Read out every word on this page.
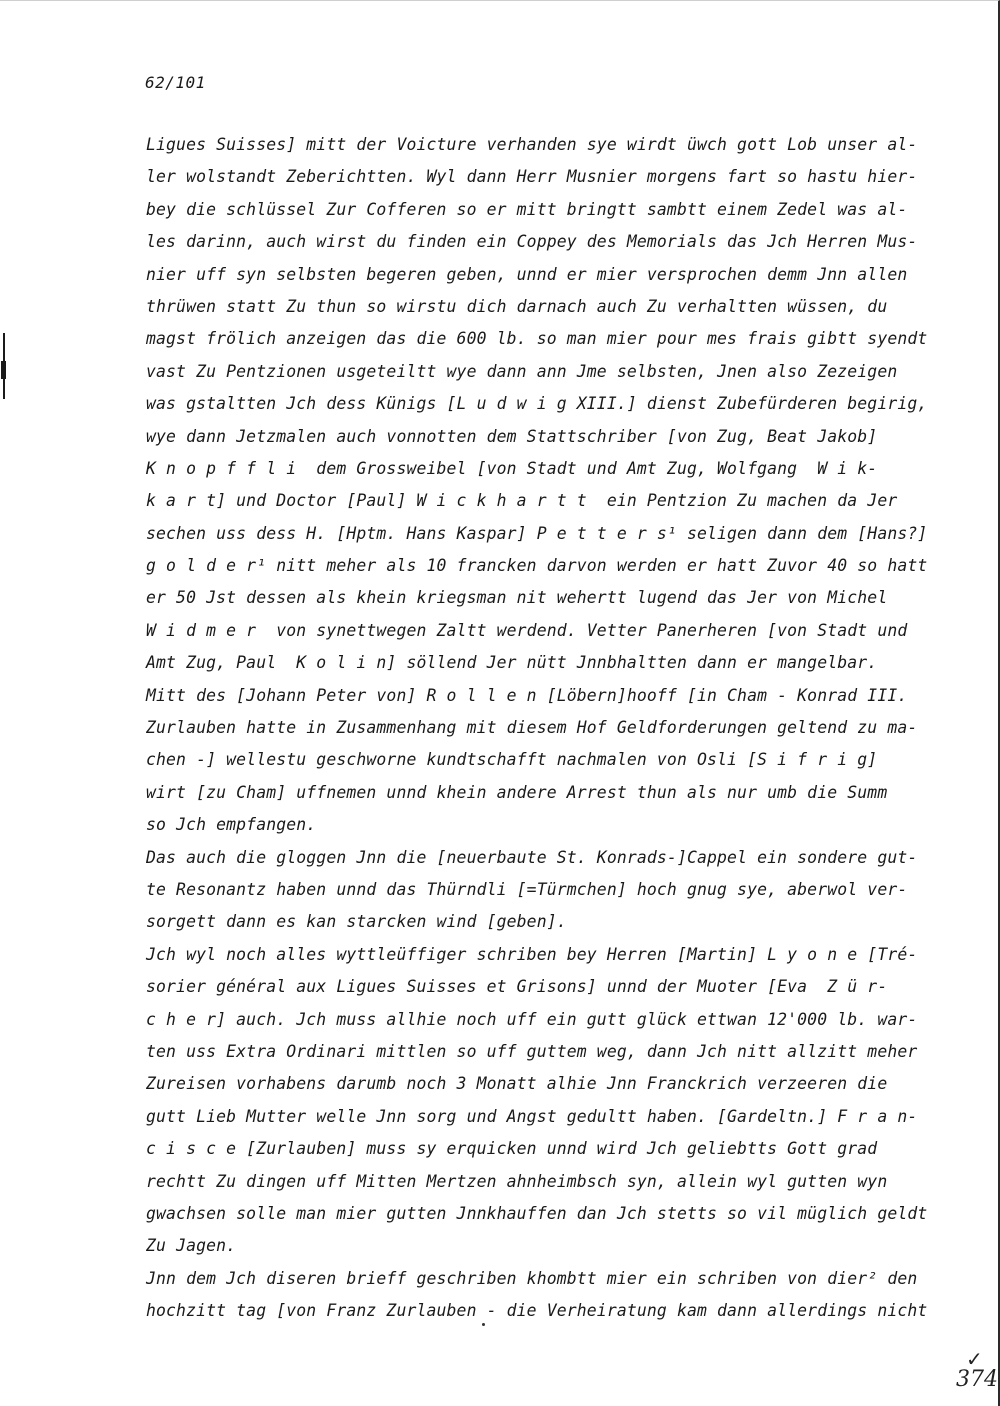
62/101
Ligues Suisses] mitt der Voicture verhanden sye wirdt üwch gott Lob unser al-
ler wolstandt Zeberichtten. Wyl dann Herr Musnier morgens fart so hastu hier-
bey die schlüssel Zur Cofferen so er mitt bringtt sambtt einem Zedel was al-
les darinn, auch wirst du finden ein Coppey des Memorials das Jch Herren Mus-
nier uff syn selbsten begeren geben, unnd er mier versprochen demm Jnn allen
thrüwen statt Zu thun so wirstu dich darnach auch Zu verhaltten wüssen, du
magst frölich anzeigen das die 600 lb. so man mier pour mes frais gibtt syendt
vast Zu Pentzionen usgeteiltt wye dann ann Jme selbsten, Jnen also Zezeigen
was gstaltten Jch dess Künigs [L u d w i g XIII.] dienst Zubefürderen begirig,
wye dann Jetzmalen auch vonnotten dem Stattschriber [von Zug, Beat Jakob]
K n o p f f l i  dem Grossweibel [von Stadt und Amt Zug, Wolfgang  W i k-
k a r t] und Doctor [Paul] W i c k h a r t t  ein Pentzion Zu machen da Jer
sechen uss dess H. [Hptm. Hans Kaspar] P e t t e r s¹ seligen dann dem [Hans?]
g o l d e r¹ nitt meher als 10 francken darvon werden er hatt Zuvor 40 so hatt
er 50 Jst dessen als khein kriegsman nit wehertt lugend das Jer von Michel
W i d m e r  von synettwegen Zaltt werdend. Vetter Panerheren [von Stadt und
Amt Zug, Paul  K o l i n] söllend Jer nütt Jnnbhaltten dann er mangelbar.
Mitt des [Johann Peter von] R o l l e n [Löbern]hooff [in Cham - Konrad III.
Zurlauben hatte in Zusammenhang mit diesem Hof Geldforderungen geltend zu ma-
chen -] wellestu geschworne kundtschafft nachmalen von Osli [S i f r i g]
wirt [zu Cham] uffnemen unnd khein andere Arrest thun als nur umb die Summ
so Jch empfangen.
Das auch die gloggen Jnn die [neuerbaute St. Konrads-]Cappel ein sondere gut-
te Resonantz haben unnd das Thürndli [=Türmchen] hoch gnug sye, aberwol ver-
sorgett dann es kan starcken wind [geben].
Jch wyl noch alles wyttleüffiger schriben bey Herren [Martin] L y o n e [Tré-
sorier général aux Ligues Suisses et Grisons] unnd der Muoter [Eva  Z ü r-
c h e r] auch. Jch muss allhie noch uff ein gutt glück ettwan 12'000 lb. war-
ten uss Extra Ordinari mittlen so uff guttem weg, dann Jch nitt allzitt meher
Zureisen vorhabens darumb noch 3 Monatt alhie Jnn Franckrich verzeeren die
gutt Lieb Mutter welle Jnn sorg und Angst gedultt haben. [Gardeltn.] F r a n-
c i s c e [Zurlauben] muss sy erquicken unnd wird Jch geliebtts Gott grad
rechtt Zu dingen uff Mitten Mertzen ahnheimbsch syn, allein wyl gutten wyn
gwachsen solle man mier gutten Jnnkhauffen dan Jch stetts so vil müglich geldt
Zu Jagen.
Jnn dem Jch diseren brieff geschriben khombtt mier ein schriben von dier² den
hochzitt tag [von Franz Zurlauben - die Verheiratung kam dann allerdings nicht
✓
374
